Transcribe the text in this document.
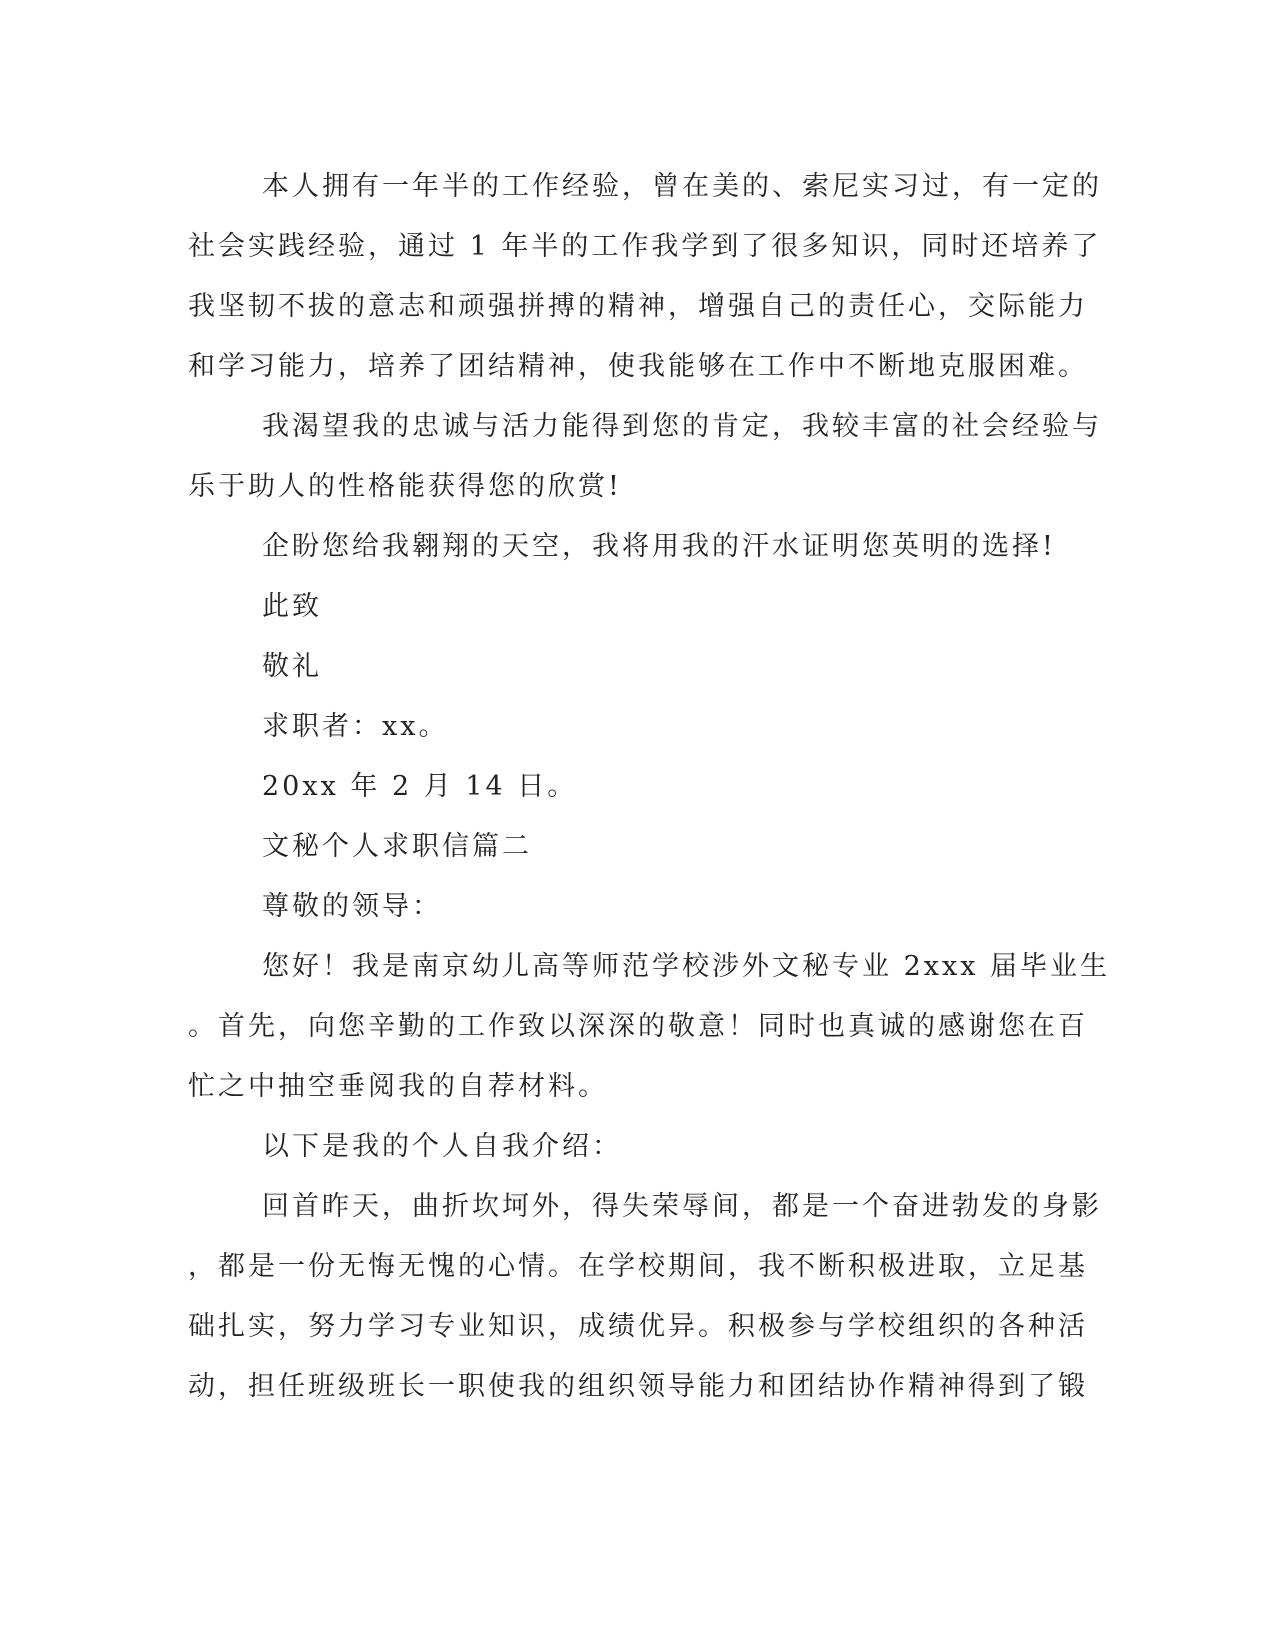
本人拥有一年半的工作经验，曾在美的、索尼实习过，有一定的
社会实践经验，通过 1 年半的工作我学到了很多知识，同时还培养了
我坚韧不拔的意志和顽强拼搏的精神，增强自己的责任心，交际能力
和学习能力，培养了团结精神，使我能够在工作中不断地克服困难。
我渴望我的忠诚与活力能得到您的肯定，我较丰富的社会经验与
乐于助人的性格能获得您的欣赏!
企盼您给我翱翔的天空，我将用我的汗水证明您英明的选择!
此致
敬礼
求职者：xx。
20xx 年 2 月 14 日。
文秘个人求职信篇二
尊敬的领导：
您好！我是南京幼儿高等师范学校涉外文秘专业 2xxx 届毕业生
。首先，向您辛勤的工作致以深深的敬意！同时也真诚的感谢您在百
忙之中抽空垂阅我的自荐材料。
以下是我的个人自我介绍：
回首昨天，曲折坎坷外，得失荣辱间，都是一个奋进勃发的身影
，都是一份无悔无愧的心情。在学校期间，我不断积极进取，立足基
础扎实，努力学习专业知识，成绩优异。积极参与学校组织的各种活
动，担任班级班长一职使我的组织领导能力和团结协作精神得到了锻
